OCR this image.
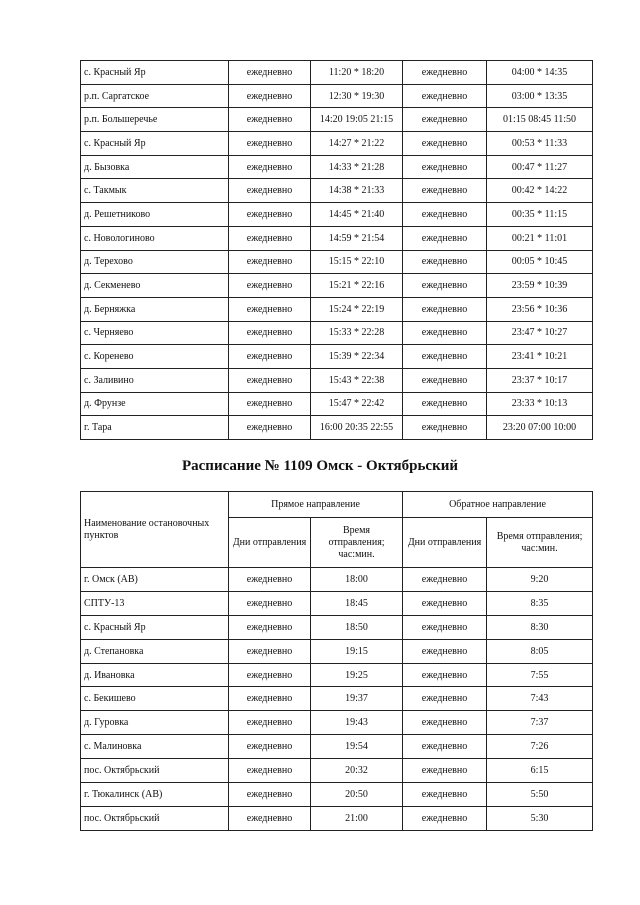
с. Красный Яр	ежедневно	11:20 * 18:20	ежедневно	04:00 * 14:35
р.п. Саргатское	ежедневно	12:30 * 19:30	ежедневно	03:00 * 13:35
р.п. Большеречье	ежедневно	14:20 19:05 21:15	ежедневно	01:15 08:45 11:50
с. Красный Яр	ежедневно	14:27 * 21:22	ежедневно	00:53 * 11:33
д. Бызовка	ежедневно	14:33 * 21:28	ежедневно	00:47 * 11:27
с. Такмык	ежедневно	14:38 * 21:33	ежедневно	00:42 * 14:22
д. Решетниково	ежедневно	14:45 * 21:40	ежедневно	00:35 * 11:15
с. Новологиново	ежедневно	14:59 * 21:54	ежедневно	00:21 * 11:01
д. Терехово	ежедневно	15:15 * 22:10	ежедневно	00:05 * 10:45
д. Секменево	ежедневно	15:21 * 22:16	ежедневно	23:59 * 10:39
д. Берняжка	ежедневно	15:24 * 22:19	ежедневно	23:56 * 10:36
с. Черняево	ежедневно	15:33 * 22:28	ежедневно	23:47 * 10:27
с. Коренево	ежедневно	15:39 * 22:34	ежедневно	23:41 * 10:21
с. Заливино	ежедневно	15:43 * 22:38	ежедневно	23:37 * 10:17
д. Фрунзе	ежедневно	15:47 * 22:42	ежедневно	23:33 * 10:13
г. Тара	ежедневно	16:00 20:35 22:55	ежедневно	23:20 07:00 10:00
Расписание № 1109 Омск - Октябрьский
Наименование остановочных пунктов	Прямое направление		Обратное направление	
	Дни отправления	Время отправления; час:мин.	Дни отправления	Время отправления; час:мин.
г. Омск (АВ)	ежедневно	18:00	ежедневно	9:20
СПТУ-13	ежедневно	18:45	ежедневно	8:35
с. Красный Яр	ежедневно	18:50	ежедневно	8:30
д. Степановка	ежедневно	19:15	ежедневно	8:05
д. Ивановка	ежедневно	19:25	ежедневно	7:55
с. Бекишево	ежедневно	19:37	ежедневно	7:43
д. Гуровка	ежедневно	19:43	ежедневно	7:37
с. Малиновка	ежедневно	19:54	ежедневно	7:26
пос. Октябрьский	ежедневно	20:32	ежедневно	6:15
г. Тюкалинск (АВ)	ежедневно	20:50	ежедневно	5:50
пос. Октябрьский	ежедневно	21:00	ежедневно	5:30
